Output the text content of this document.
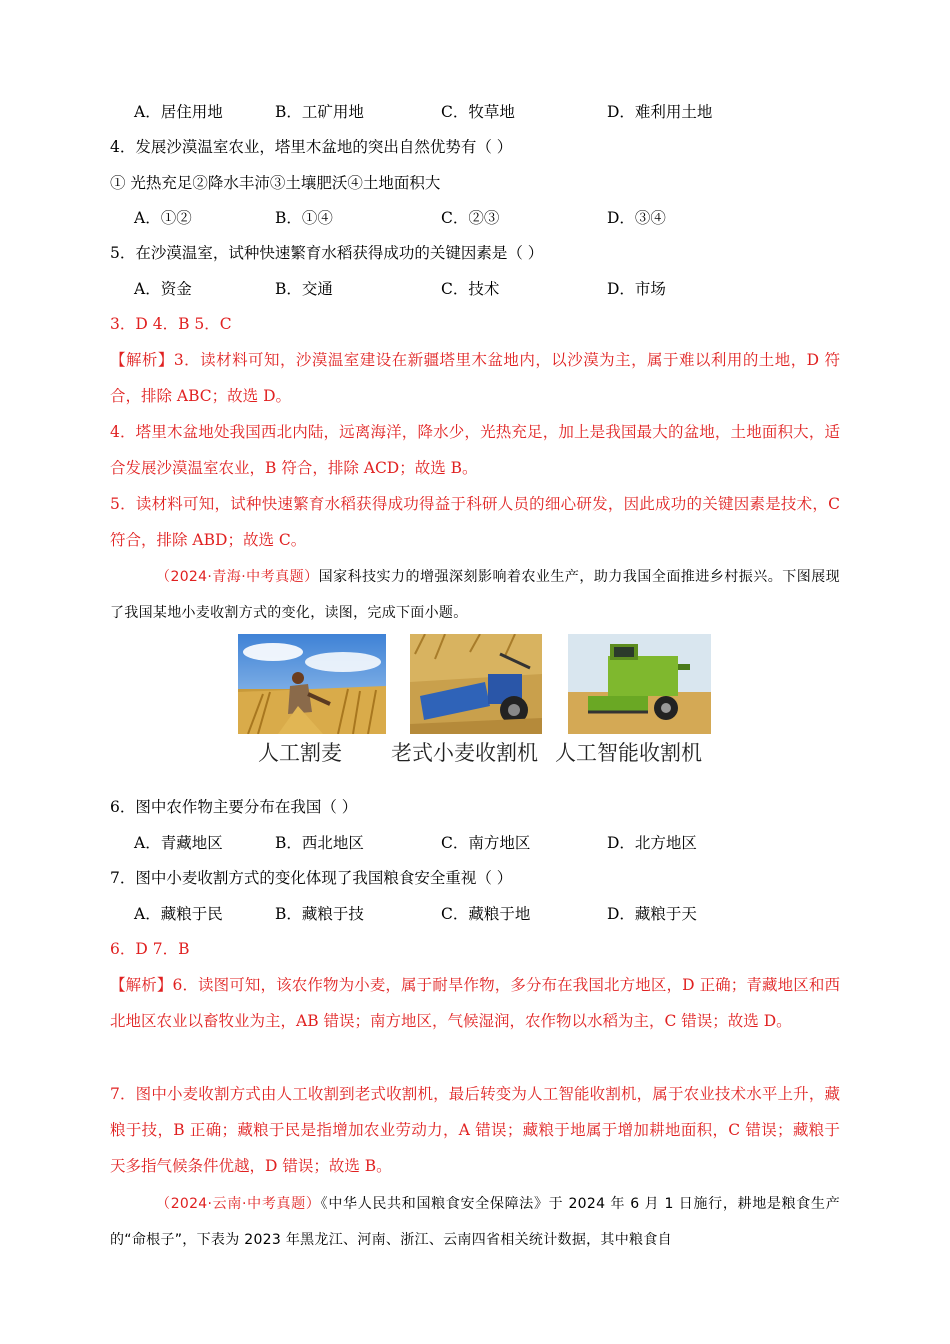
A．居住用地	B．工矿用地	C．牧草地	D．难利用土地
4．发展沙漠温室农业，塔里木盆地的突出自然优势有（ ）
① 光热充足②降水丰沛③土壤肥沃④土地面积大
A．①②	B．①④	C．②③	D．③④
5．在沙漠温室，试种快速繁育水稻获得成功的关键因素是（ ）
A．资金	B．交通	C．技术	D．市场
3．D 4．B 5．C
【解析】3．读材料可知，沙漠温室建设在新疆塔里木盆地内，以沙漠为主，属于难以利用的土地，D 符合，排除 ABC；故选 D。
4．塔里木盆地处我国西北内陆，远离海洋，降水少，光热充足，加上是我国最大的盆地，土地面积大，适合发展沙漠温室农业，B 符合，排除 ACD；故选 B。
5．读材料可知，试种快速繁育水稻获得成功得益于科研人员的细心研发，因此成功的关键因素是技术，C 符合，排除 ABD；故选 C。
（2024·青海·中考真题）国家科技实力的增强深刻影响着农业生产，助力我国全面推进乡村振兴。下图展现了我国某地小麦收割方式的变化，读图，完成下面小题。
人工割麦 老式小麦收割机 人工智能收割机
6．图中农作物主要分布在我国（ ）
A．青藏地区	B．西北地区	C．南方地区	D．北方地区
7．图中小麦收割方式的变化体现了我国粮食安全重视（ ）
A．藏粮于民	B．藏粮于技	C．藏粮于地	D．藏粮于天
6．D 7．B
【解析】6．读图可知，该农作物为小麦，属于耐旱作物，多分布在我国北方地区，D 正确；青藏地区和西北地区农业以畜牧业为主，AB 错误；南方地区，气候湿润，农作物以水稻为主，C 错误；故选 D。
7．图中小麦收割方式由人工收割到老式收割机，最后转变为人工智能收割机，属于农业技术水平上升，藏粮于技，B 正确；藏粮于民是指增加农业劳动力，A 错误；藏粮于地属于增加耕地面积，C 错误；藏粮于天多指气候条件优越，D 错误；故选 B。
（2024·云南·中考真题）《中华人民共和国粮食安全保障法》于 2024 年 6 月 1 日施行，耕地是粮食生产的“命根子”，下表为 2023 年黑龙江、河南、浙江、云南四省相关统计数据，其中粮食自
